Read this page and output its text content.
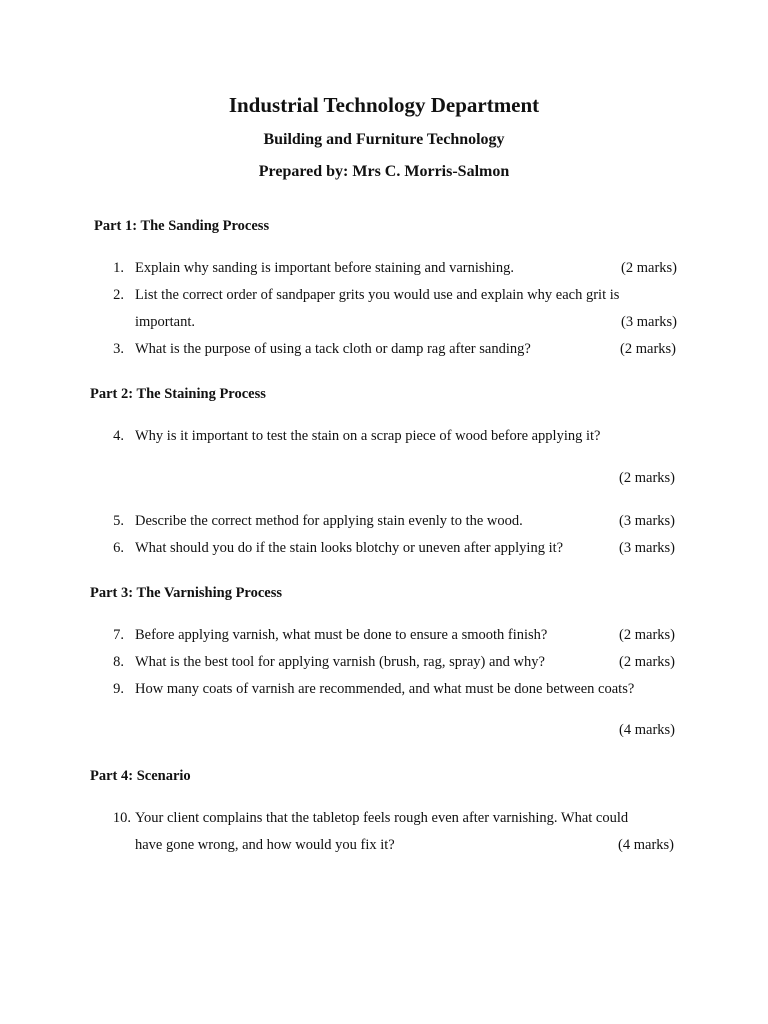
Industrial Technology Department
Building and Furniture Technology
Prepared by: Mrs C. Morris-Salmon
Part 1: The Sanding Process
1. Explain why sanding is important before staining and varnishing.	(2 marks)
2. List the correct order of sandpaper grits you would use and explain why each grit is
important.	(3 marks)
3. What is the purpose of using a tack cloth or damp rag after sanding?	(2 marks)
Part 2: The Staining Process
4. Why is it important to test the stain on a scrap piece of wood before applying it?
(2 marks)
5. Describe the correct method for applying stain evenly to the wood.	(3 marks)
6. What should you do if the stain looks blotchy or uneven after applying it?	(3 marks)
Part 3: The Varnishing Process
7. Before applying varnish, what must be done to ensure a smooth finish?	(2 marks)
8. What is the best tool for applying varnish (brush, rag, spray) and why?	(2 marks)
9. How many coats of varnish are recommended, and what must be done between coats?
(4 marks)
Part 4: Scenario
10. Your client complains that the tabletop feels rough even after varnishing. What could
have gone wrong, and how would you fix it?	(4 marks)
